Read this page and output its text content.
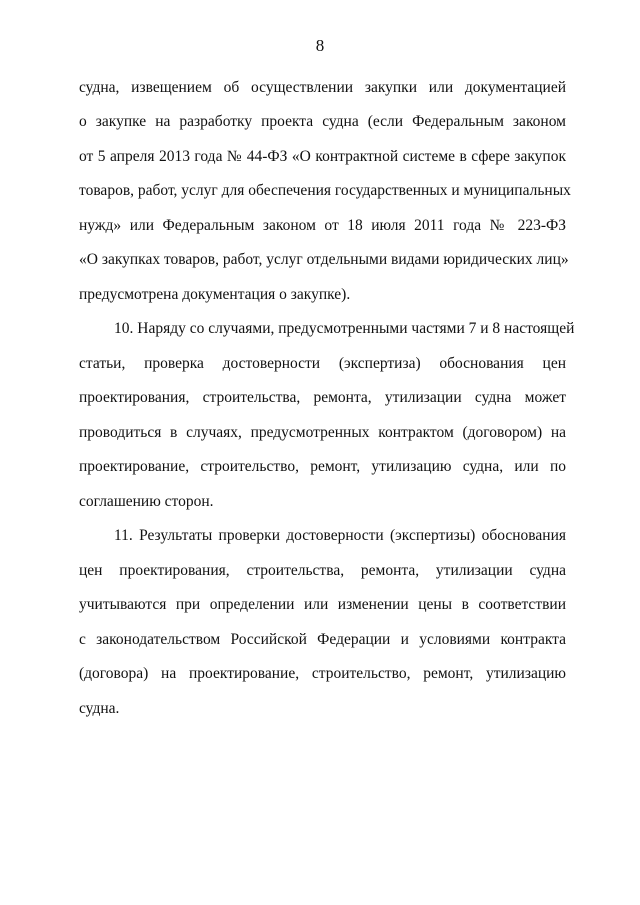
8
судна, извещением об осуществлении закупки или документацией
о закупке на разработку проекта судна (если Федеральным законом
от 5 апреля 2013 года № 44-ФЗ «О контрактной системе в сфере закупок
товаров, работ, услуг для обеспечения государственных и муниципальных
нужд» или Федеральным законом от 18 июля 2011 года № 223-ФЗ
«О закупках товаров, работ, услуг отдельными видами юридических лиц»
предусмотрена документация о закупке).
10. Наряду со случаями, предусмотренными частями 7 и 8 настоящей
статьи, проверка достоверности (экспертиза) обоснования цен
проектирования, строительства, ремонта, утилизации судна может
проводиться в случаях, предусмотренных контрактом (договором) на
проектирование, строительство, ремонт, утилизацию судна, или по
соглашению сторон.
11. Результаты проверки достоверности (экспертизы) обоснования
цен проектирования, строительства, ремонта, утилизации судна
учитываются при определении или изменении цены в соответствии
с законодательством Российской Федерации и условиями контракта
(договора) на проектирование, строительство, ремонт, утилизацию
судна.
